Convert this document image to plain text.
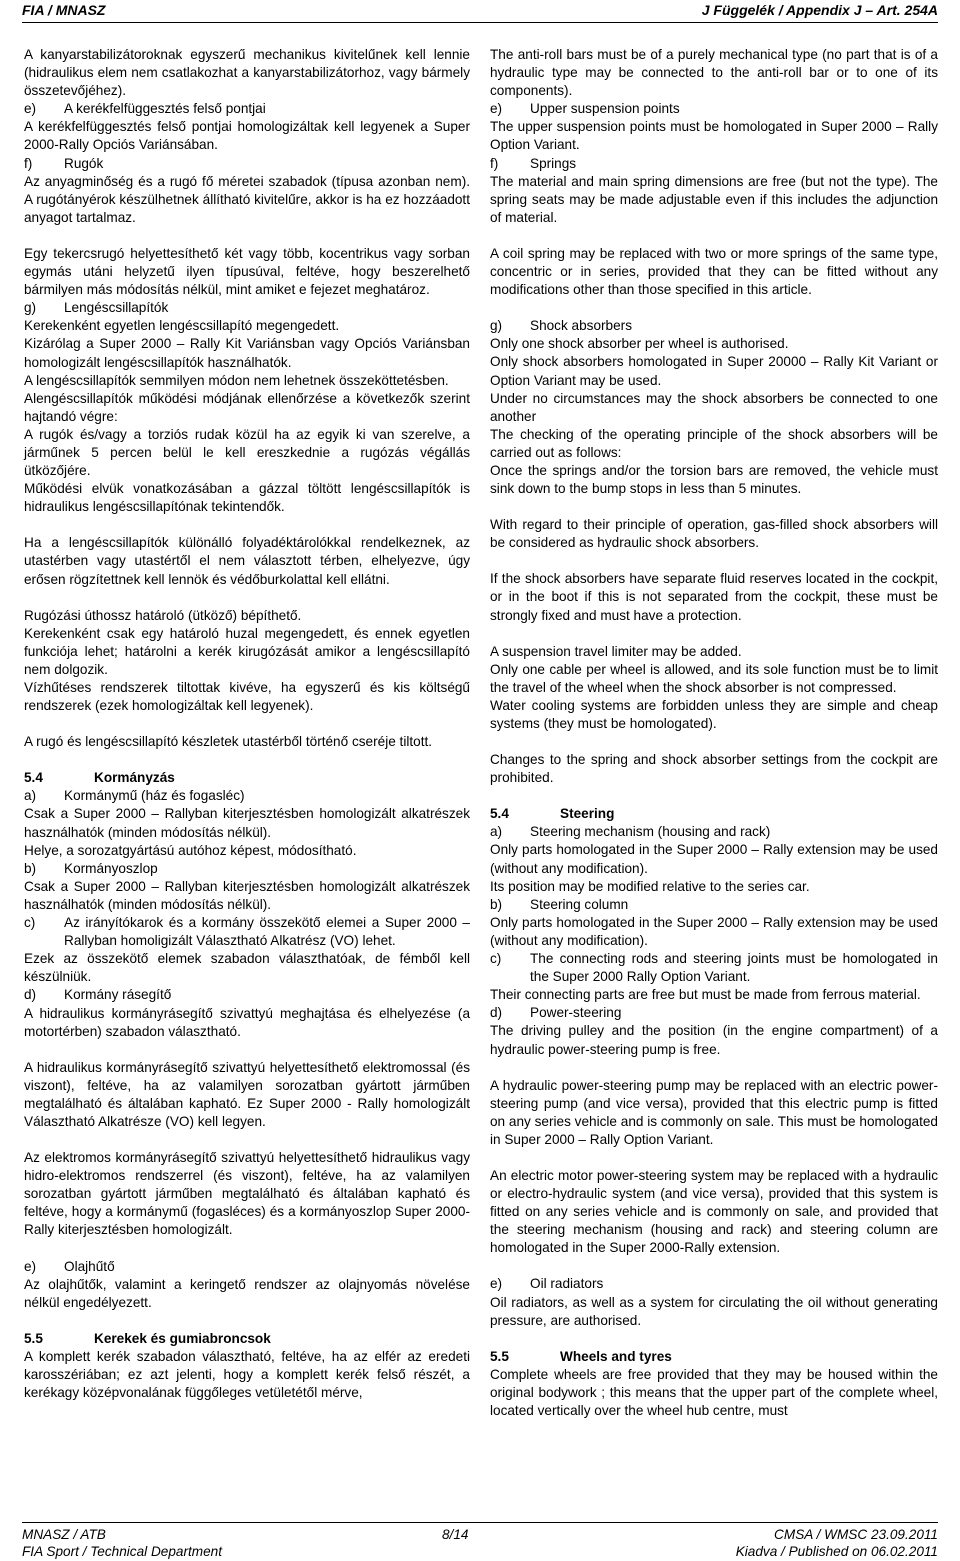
FIA / MNASZ	J Függelék / Appendix J – Art. 254A

A kanyarstabilizátoroknak egyszerű mechanikus kivitelűnek kell lennie (hidraulikus elem nem csatlakozhat a kanyarstabilizátorhoz, vagy bármely összetevőjéhez).

e)	A kerékfelfüggesztés felső pontjai

A kerékfelfüggesztés felső pontjai homologizáltak kell legyenek a Super 2000-Rally Opciós Variánsában.

f)	Rugók

Az anyagminőség és a rugó fő méretei szabadok (típusa azonban nem). A rugótányérok készülhetnek állítható kivitelűre, akkor is ha ez hozzáadott anyagot tartalmaz.

Egy tekercsrugó helyettesíthető két vagy több, kocentrikus vagy sorban egymás utáni helyzetű ilyen típusúval, feltéve, hogy beszerelhető bármilyen más módosítás nélkül, mint amiket e fejezet meghatároz.

g)	Lengéscsillapítók

Kerekenként egyetlen lengéscsillapító megengedett.

Kizárólag a Super 2000 – Rally Kit Variánsban vagy Opciós Variánsban homologizált lengéscsillapítók használhatók.

A lengéscsillapítók semmilyen módon nem lehetnek összeköttetésben.

Alengéscsillapítók működési módjának ellenőrzése a következők szerint hajtandó végre:

A rugók és/vagy a torziós rudak közül ha az egyik ki van szerelve, a járműnek 5 percen belül le kell ereszkednie a rugózás végállás ütközőjére.

Működési elvük vonatkozásában a gázzal töltött lengéscsillapítók is hidraulikus lengéscsillapítónak tekintendők.

Ha a lengéscsillapítók különálló folyadéktárolókkal rendelkeznek, az utastérben vagy utastértől el nem választott térben, elhelyezve, úgy erősen rögzítettnek kell lennök és védőburkolattal kell ellátni.

Rugózási úthossz határoló (ütköző) bépíthető.

Kerekenként csak egy határoló huzal megengedett, és ennek egyetlen funkciója lehet; határolni a kerék kirugózását amikor a lengéscsillapító nem dolgozik.

Vízhűtéses rendszerek tiltottak kivéve, ha egyszerű és kis költségű rendszerek (ezek homologizáltak kell legyenek).

A rugó és lengéscsillapító készletek utastérből történő cseréje tiltott.

5.4	Kormányzás
a)	Kormánymű (ház és fogasléc)

Csak a Super 2000 – Rallyban kiterjesztésben homologizált alkatrészek használhatók (minden módosítás nélkül).

Helye, a sorozatgyártású autóhoz képest, módosítható.

b)	Kormányoszlop

Csak a Super 2000 – Rallyban kiterjesztésben homologizált alkatrészek használhatók (minden módosítás nélkül).

c)	Az irányítókarok és a kormány összekötő elemei a Super 2000 – Rallyban homoligizált Választható Alkatrész (VO) lehet.

Ezek az összekötő elemek szabadon választhatóak, de fémből kell készülniük.

d)	Kormány rásegítő

A hidraulikus kormányrásegítő szivattyú meghajtása és elhelyezése (a motortérben) szabadon választható.

A hidraulikus kormányrásegítő szivattyú helyettesíthető elektromossal (és viszont), feltéve, ha az valamilyen sorozatban gyártott járműben megtalálható és általában kapható. Ez Super 2000 - Rally homologizált Választható Alkatrésze (VO) kell legyen.

Az elektromos kormányrásegítő szivattyú helyettesíthető hidraulikus vagy hidro-elektromos rendszerrel (és viszont), feltéve, ha az valamilyen sorozatban gyártott járműben megtalálható és általában kapható és feltéve, hogy a kormánymű (fogasléces) és a kormányoszlop Super 2000-Rally kiterjesztésben homologizált.

e)	Olajhűtő

Az olajhűtők, valamint a keringető rendszer az olajnyomás növelése nélkül engedélyezett.

5.5	Kerekek és gumiabroncsok

A komplett kerék szabadon választható, feltéve, ha az elfér az eredeti karosszériában; ez azt jelenti, hogy a komplett kerék felső részét, a kerékagy középvonalának függőleges vetületétől mérve,

The anti-roll bars must be of a purely mechanical type (no part that is of a hydraulic type may be connected to the anti-roll bar or to one of its components).

e)	Upper suspension points

The upper suspension points must be homologated in Super 2000 – Rally Option Variant.

f)	Springs

The material and main spring dimensions are free (but not the type). The spring seats may be made adjustable even if this includes the adjunction of material.

A coil spring may be replaced with two or more springs of the same type, concentric or in series, provided that they can be fitted without any modifications other than those specified in this article.

g)	Shock absorbers

Only one shock absorber per wheel is authorised.

Only shock absorbers homologated in Super 20000 – Rally Kit Variant or Option Variant may be used.

Under no circumstances may the shock absorbers be connected to one another

The checking of the operating principle of the shock absorbers will be carried out as follows:

Once the springs and/or the torsion bars are removed, the vehicle must sink down to the bump stops in less than 5 minutes.

With regard to their principle of operation, gas-filled shock absorbers will be considered as hydraulic shock absorbers.

If the shock absorbers have separate fluid reserves located in the cockpit, or in the boot if this is not separated from the cockpit, these must be strongly fixed and must have a protection.

A suspension travel limiter may be added.

Only one cable per wheel is allowed, and its sole function must be to limit the travel of the wheel when the shock absorber is not compressed.

Water cooling systems are forbidden unless they are simple and cheap systems (they must be homologated).

Changes to the spring and shock absorber settings from the cockpit are prohibited.

5.4	Steering
a)	Steering mechanism (housing and rack)

Only parts homologated in the Super 2000 – Rally extension may be used (without any modification).

Its position may be modified relative to the series car.

b)	Steering column

Only parts homologated in the Super 2000 – Rally extension may be used (without any modification).

c)	The connecting rods and steering joints must be homologated in the Super 2000 Rally Option Variant.

Their connecting parts are free but must be made from ferrous material.

d)	Power-steering

The driving pulley and the position (in the engine compartment) of a hydraulic power-steering pump is free.

A hydraulic power-steering pump may be replaced with an electric power-steering pump (and vice versa), provided that this electric pump is fitted on any series vehicle and is commonly on sale. This must be homologated in Super 2000 – Rally Option Variant.

An electric motor power-steering system may be replaced with a hydraulic or electro-hydraulic system (and vice versa), provided that this system is fitted on any series vehicle and is commonly on sale, and provided that the steering mechanism (housing and rack) and steering column are homologated in the Super 2000-Rally extension.

e)	Oil radiators

Oil radiators, as well as a system for circulating the oil without generating pressure, are authorised.

5.5	Wheels and tyres

Complete wheels are free provided that they may be housed within the original bodywork ; this means that the upper part of the complete wheel, located vertically over the wheel hub centre, must

MNASZ / ATB	8/14	CMSA / WMSC 23.09.2011
FIA Sport / Technical Department	Kiadva / Published on 06.02.2011
